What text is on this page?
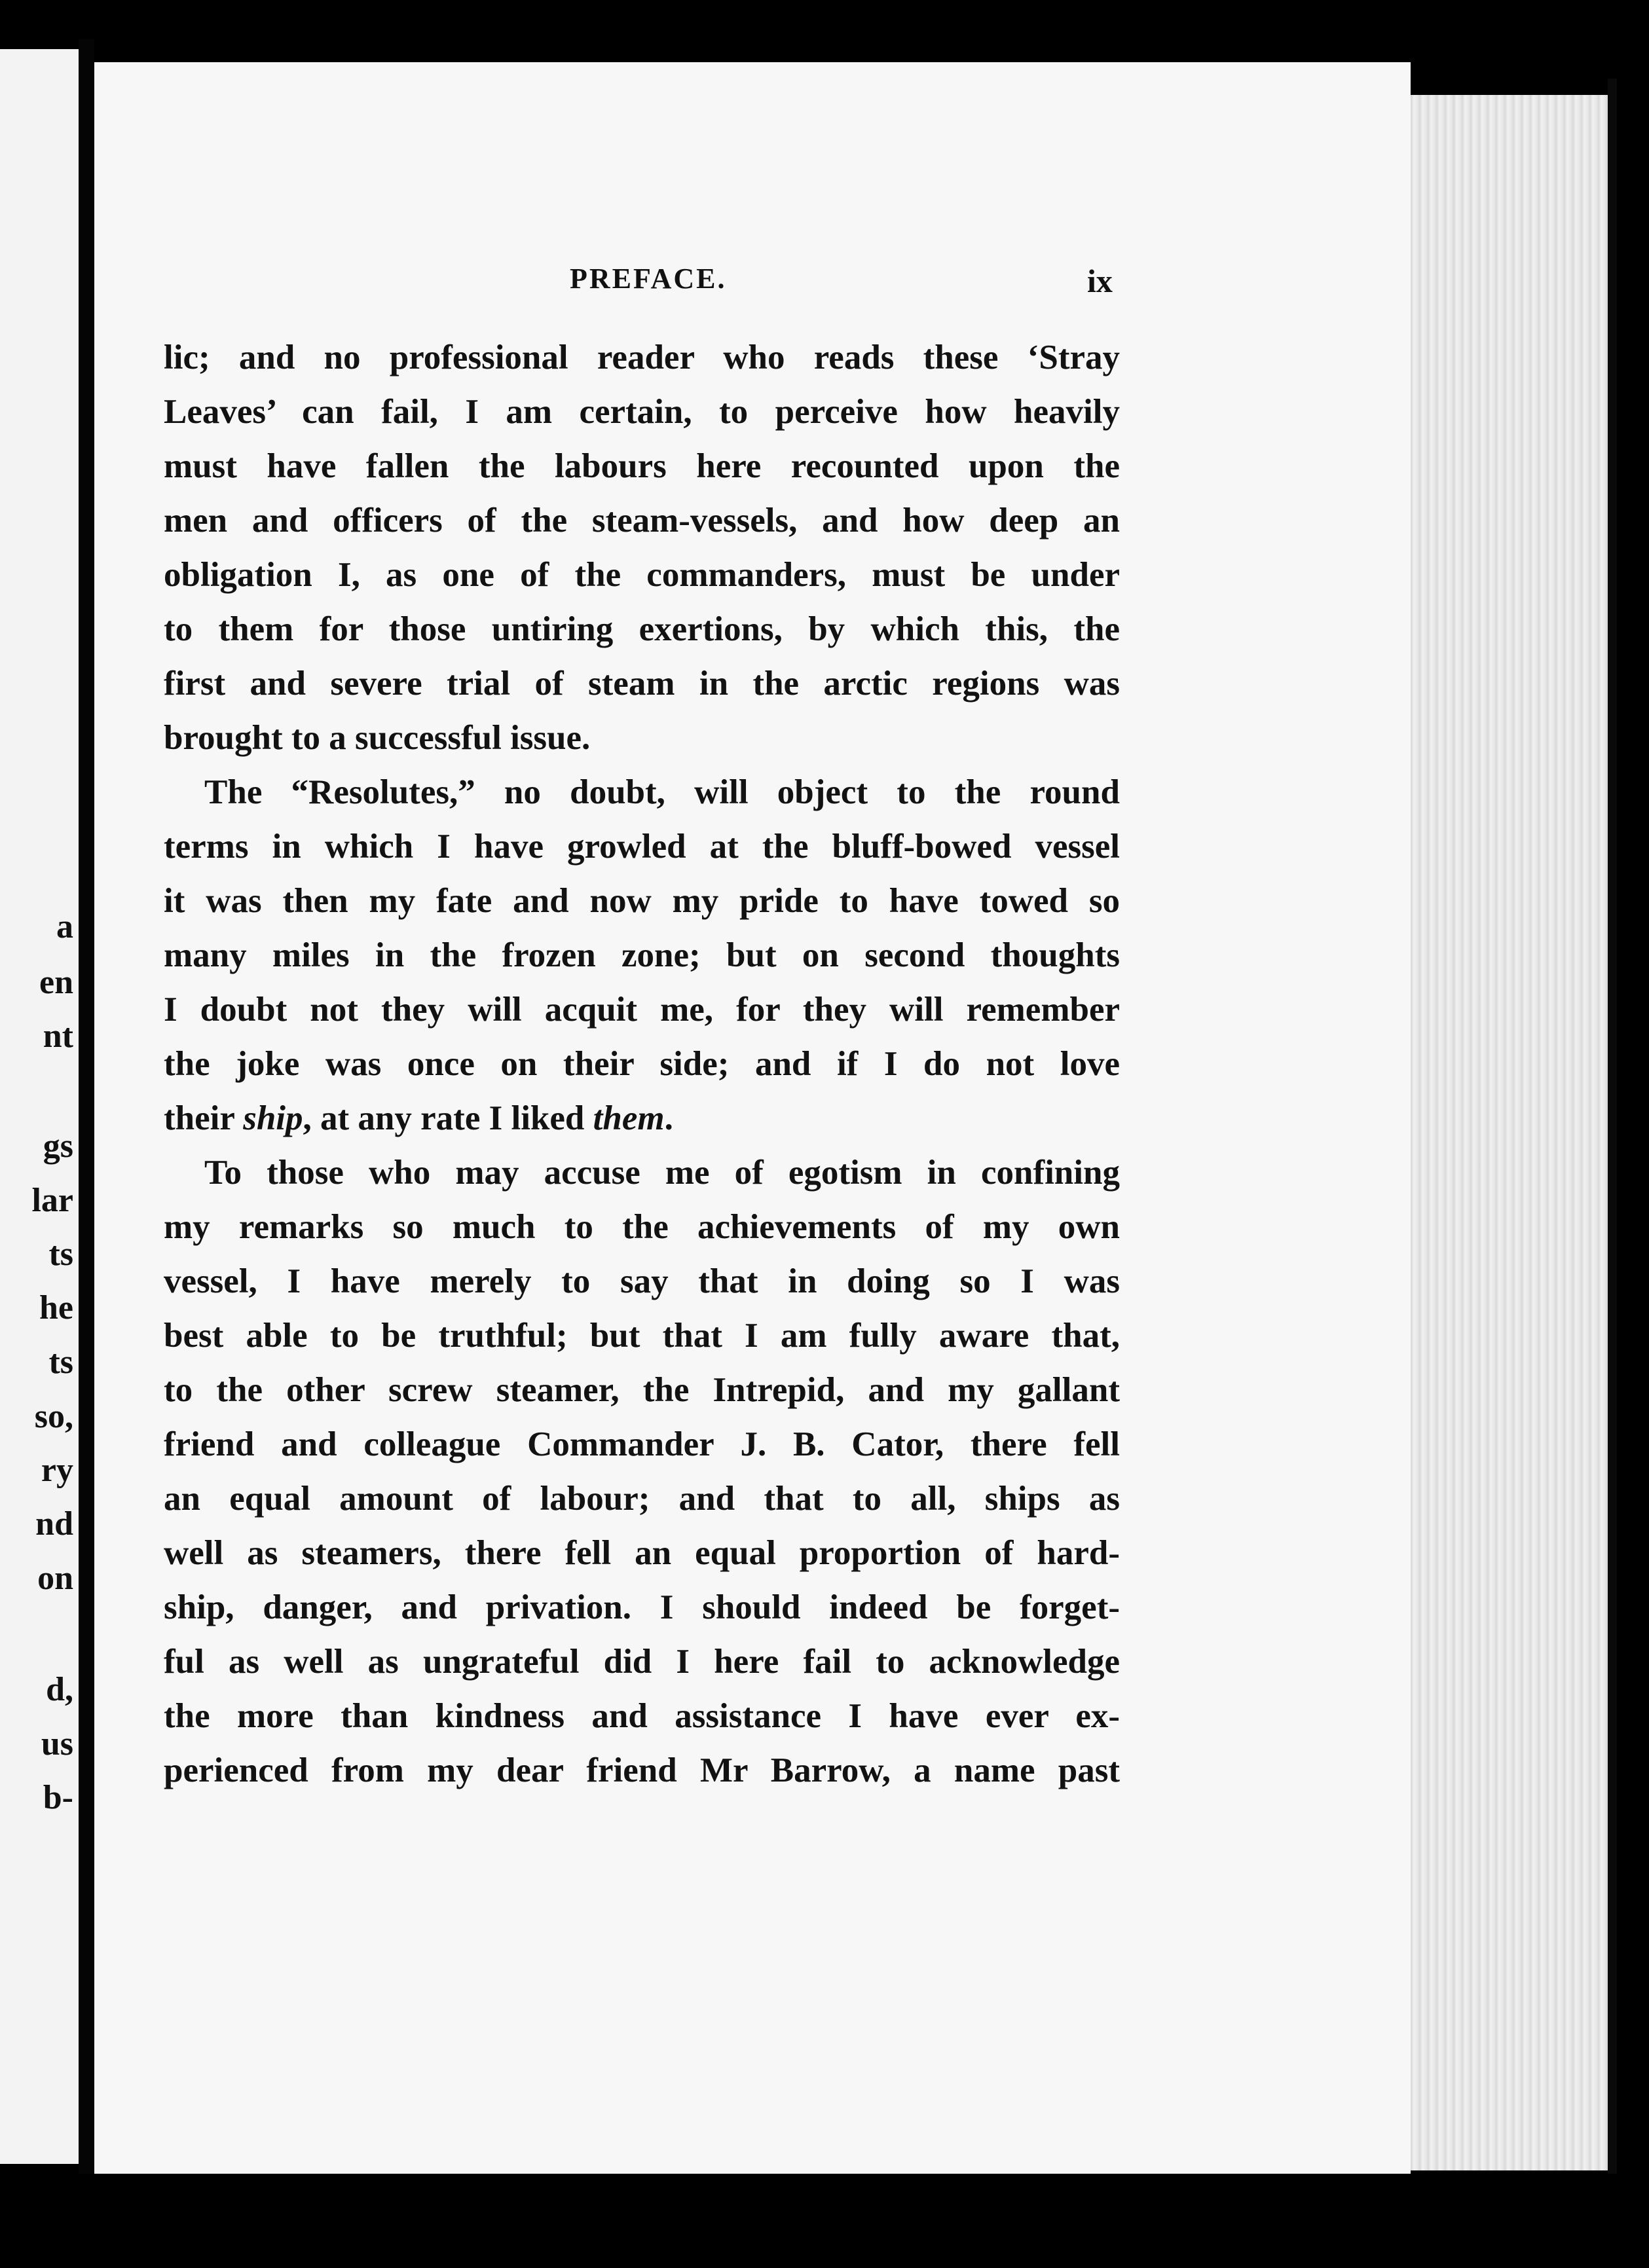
a
en
nt
gs
lar
ts
he
ts
so,
ry
nd
on
d,
us
b-
PREFACE.	ix
lic; and no professional reader who reads these ‘Stray
Leaves’ can fail, I am certain, to perceive how heavily
must have fallen the labours here recounted upon the
men and officers of the steam-vessels, and how deep an
obligation I, as one of the commanders, must be under
to them for those untiring exertions, by which this, the
first and severe trial of steam in the arctic regions was
brought to a successful issue.
The “Resolutes,” no doubt, will object to the round
terms in which I have growled at the bluff-bowed vessel
it was then my fate and now my pride to have towed so
many miles in the frozen zone; but on second thoughts
I doubt not they will acquit me, for they will remember
the joke was once on their side; and if I do not love
their ship, at any rate I liked them.
To those who may accuse me of egotism in confining
my remarks so much to the achievements of my own
vessel, I have merely to say that in doing so I was
best able to be truthful; but that I am fully aware that,
to the other screw steamer, the Intrepid, and my gallant
friend and colleague Commander J. B. Cator, there fell
an equal amount of labour; and that to all, ships as
well as steamers, there fell an equal proportion of hard-
ship, danger, and privation. I should indeed be forget-
ful as well as ungrateful did I here fail to acknowledge
the more than kindness and assistance I have ever ex-
perienced from my dear friend Mr Barrow, a name past
